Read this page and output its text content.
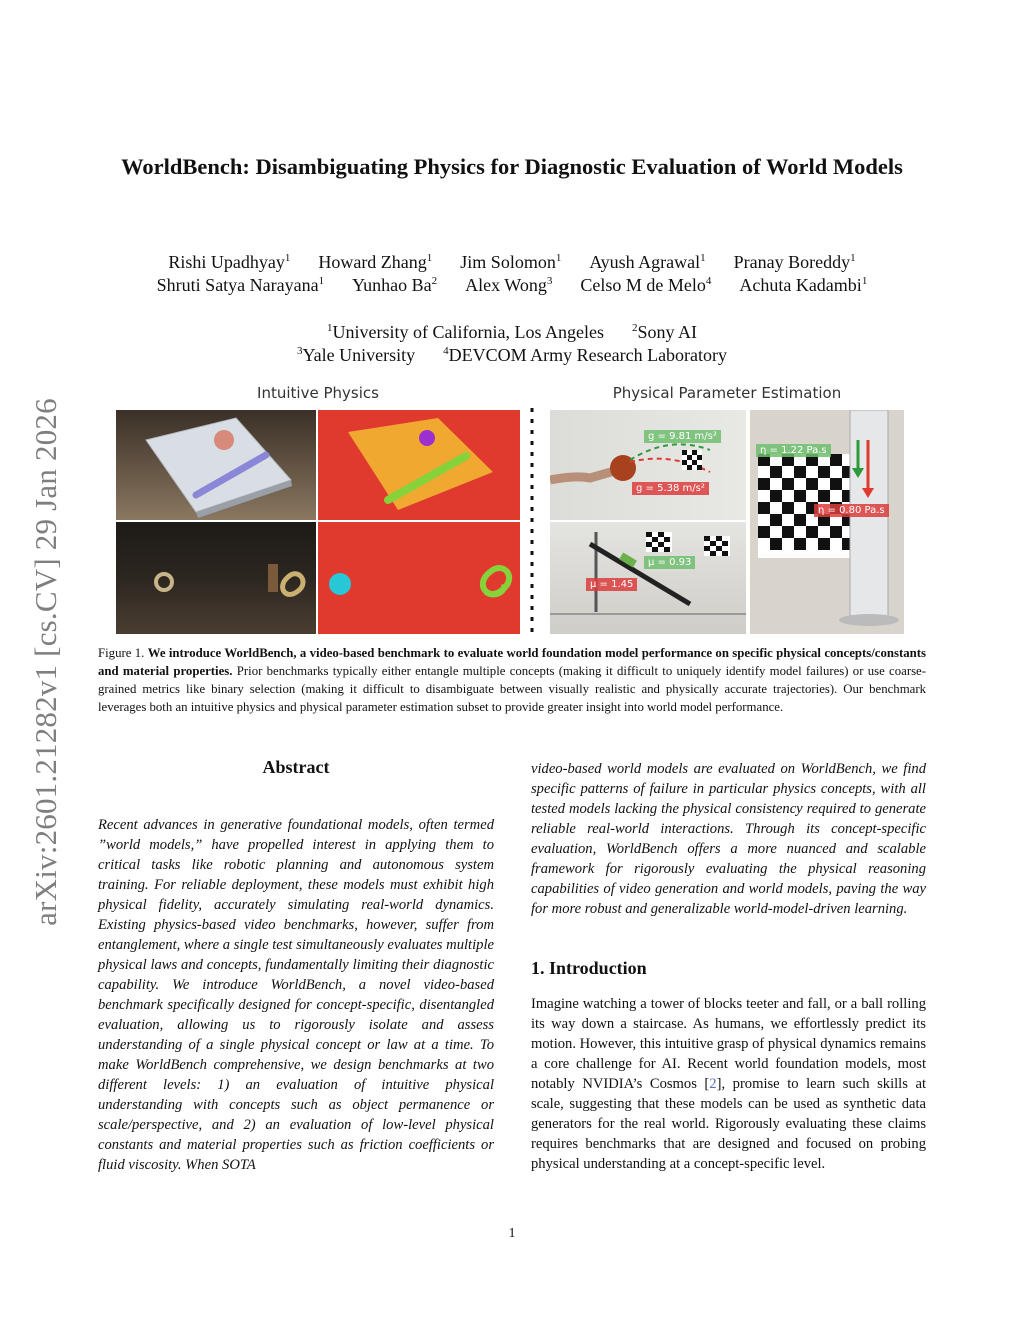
arXiv:2601.21282v1 [cs.CV] 29 Jan 2026
WorldBench: Disambiguating Physics for Diagnostic Evaluation of World Models
Rishi Upadhyay$^1$ Howard Zhang$^1$ Jim Solomon$^1$ Ayush Agrawal$^1$ Pranay Boreddy$^1$
Shruti Satya Narayana$^1$ Yunhao Ba$^2$ Alex Wong$^3$ Celso M de Melo$^4$ Achuta Kadambi$^1$
$^1$University of California, Los Angeles	$^2$Sony AI
$^3$Yale University	$^4$DEVCOM Army Research Laboratory
Intuitive Physics	Physical Parameter Estimation
g = 9.81 m/s²
g = 5.38 m/s²
μ = 0.93
μ = 1.45
η = 1.22 Pa.s
η = 0.80 Pa.s
Figure 1. We introduce WorldBench, a video-based benchmark to evaluate world foundation model performance on specific physical concepts/constants and material properties. Prior benchmarks typically either entangle multiple concepts (making it difficult to uniquely identify model failures) or use coarse-grained metrics like binary selection (making it difficult to disambiguate between visually realistic and physically accurate trajectories). Our benchmark leverages both an intuitive physics and physical parameter estimation subset to provide greater insight into world model performance.
Abstract
Recent advances in generative foundational models, often termed ”world models,” have propelled interest in applying them to critical tasks like robotic planning and autonomous system training. For reliable deployment, these models must exhibit high physical fidelity, accurately simulating real-world dynamics. Existing physics-based video benchmarks, however, suffer from entanglement, where a single test simultaneously evaluates multiple physical laws and concepts, fundamentally limiting their diagnostic capability. We introduce WorldBench, a novel video-based benchmark specifically designed for concept-specific, disentangled evaluation, allowing us to rigorously isolate and assess understanding of a single physical concept or law at a time. To make WorldBench comprehensive, we design benchmarks at two different levels: 1) an evaluation of intuitive physical understanding with concepts such as object permanence or scale/perspective, and 2) an evaluation of low-level physical constants and material properties such as friction coefficients or fluid viscosity. When SOTA
video-based world models are evaluated on WorldBench, we find specific patterns of failure in particular physics concepts, with all tested models lacking the physical consistency required to generate reliable real-world interactions. Through its concept-specific evaluation, WorldBench offers a more nuanced and scalable framework for rigorously evaluating the physical reasoning capabilities of video generation and world models, paving the way for more robust and generalizable world-model-driven learning.
1. Introduction
Imagine watching a tower of blocks teeter and fall, or a ball rolling its way down a staircase. As humans, we effortlessly predict its motion. However, this intuitive grasp of physical dynamics remains a core challenge for AI. Recent world foundation models, most notably NVIDIA’s Cosmos [2], promise to learn such skills at scale, suggesting that these models can be used as synthetic data generators for the real world. Rigorously evaluating these claims requires benchmarks that are designed and focused on probing physical understanding at a concept-specific level.
1
